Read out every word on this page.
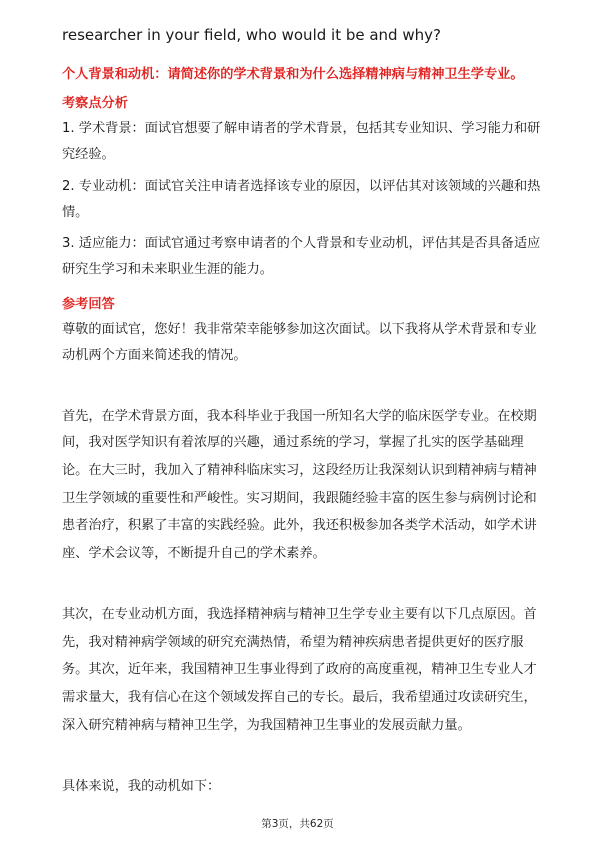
researcher in your field, who would it be and why?
个人背景和动机：请简述你的学术背景和为什么选择精神病与精神卫生学专业。
考察点分析
1. 学术背景：面试官想要了解申请者的学术背景，包括其专业知识、学习能力和研
究经验。
2. 专业动机：面试官关注申请者选择该专业的原因，以评估其对该领域的兴趣和热
情。
3. 适应能力：面试官通过考察申请者的个人背景和专业动机，评估其是否具备适应
研究生学习和未来职业生涯的能力。
参考回答
尊敬的面试官，您好！我非常荣幸能够参加这次面试。以下我将从学术背景和专业
动机两个方面来简述我的情况。
首先，在学术背景方面，我本科毕业于我国一所知名大学的临床医学专业。在校期
间，我对医学知识有着浓厚的兴趣，通过系统的学习，掌握了扎实的医学基础理
论。在大三时，我加入了精神科临床实习，这段经历让我深刻认识到精神病与精神
卫生学领域的重要性和严峻性。实习期间，我跟随经验丰富的医生参与病例讨论和
患者治疗，积累了丰富的实践经验。此外，我还积极参加各类学术活动，如学术讲
座、学术会议等，不断提升自己的学术素养。
其次，在专业动机方面，我选择精神病与精神卫生学专业主要有以下几点原因。首
先，我对精神病学领域的研究充满热情，希望为精神疾病患者提供更好的医疗服
务。其次，近年来，我国精神卫生事业得到了政府的高度重视，精神卫生专业人才
需求量大，我有信心在这个领域发挥自己的专长。最后，我希望通过攻读研究生，
深入研究精神病与精神卫生学，为我国精神卫生事业的发展贡献力量。
具体来说，我的动机如下：
第3页，共62页
